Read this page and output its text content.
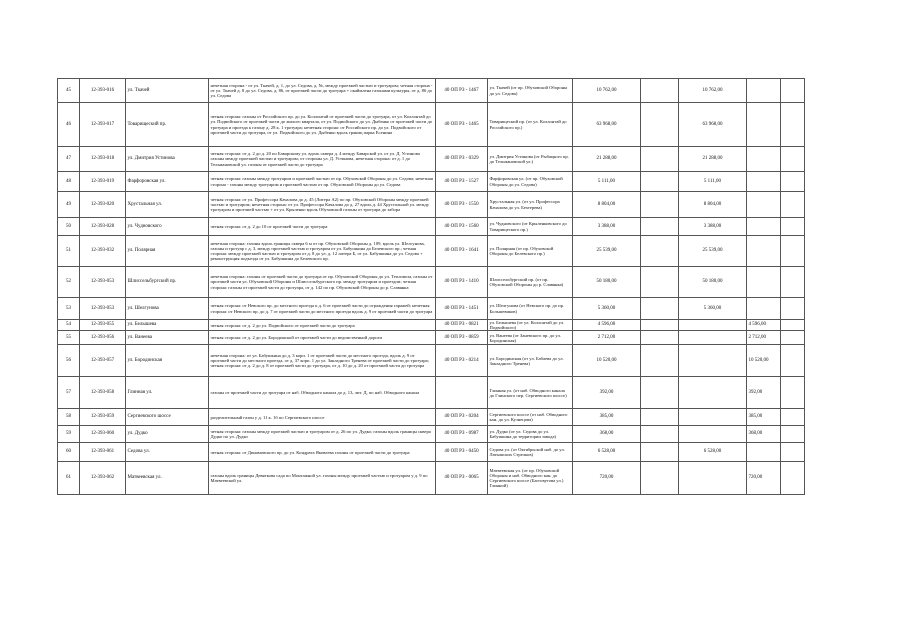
45	12-393-016	ул. Ткачей	нечетная сторона - от ул. Ткачей, д. 1, до ул. Седова, д. №, между проезжей частью и тротуаром; четная сторона - от ул. Ткачей д. 8 до ул. Седова, д. 86, от проезжей части до тротуара + окаймлена газонами культуры, от д. 86 до ул. Седова	40 ОП РЗ - 1467	ул. Ткачей (от пр. Обуховской Обороны до ул. Седова)	10 762,00		10 762,00		
46	12-393-017	Товарищеский пр.	четная сторона: газоны от Российского пр. до ул. Коллонтай от проезжей части до тротуара, от ул. Коллонтай до ул. Подвойского от проезжей части до жилого квартала, от ул. Подвойского до ул. Дыбенко от проезжей части до тротуара и проезда к газону д. 28 к. 1 тротуара; нечетная сторона: от Российского пр. до ул. Подвойского от проезжей части до тротуара, от ул. Подвойского до ул. Дыбенко вдоль границ парка Есенина	40 ОП РЗ - 1465	Товарищеский пр. (от ул. Коллонтай до Российского пр.)	63 968,00		63 968,00		
47	12-393-018	ул. Дмитрия Устинова	четная сторона: от д. 2 до д. 20 по Баварскому ул. вдоль сквера д. 4 между Баварской ул. от ул. Д. Устинова газоны между проезжей частью и тротуаром; от стороны ул. Д. Устинова, нечетная сторона: от д. 1 до Тельмановской ул. газоны от проезжей части до тротуара	40 ОП РЗ - 0329	ул. Дмитрия Устинова (от Рыбацкого пр. до Тельмановской ул.)	21 288,00		21 288,00		
48	12-393-019	Фарфоровская ул.	четная сторона: газоны между тротуаром и проезжей частью от пр. Обуховской Обороны до ул. Седова; нечетная сторона - газоны между тротуаром и проезжей частью от пр. Обуховской Обороны до ул. Седова	40 ОП РЗ - 1527	Фарфоровская ул. (от пр. Обуховской Обороны до ул. Седова)	5 111,00		5 111,00		
49	12-393-020	Хрустальная ул.	четная сторона: от ул. Профессора Качалова до д. 45 (Литера А2) по пр. Обуховской Обороны между проезжей частью и тротуаром; нечетная сторона: от ул. Профессора Качалова до д. 27 вдоль д. 44 Хрустальной ул. между тротуаром и проезжей частью + от ул. Крыленко вдоль Обуховской газоны от тротуара до забора	40 ОП РЗ - 1550	Хрустальная ул. (от ул. Профессора Качалова до ул. Бехтерева)	8 804,00		8 804,00		
50	12-393-028	ул. Чудновского	четная сторона: от д. 2 до 10 от проезжей части до тротуара	40 ОП РЗ - 1560	ул. Чудновского (от Крыленковского до Товарищеского пр.)	3 388,00		3 388,00		
51	12-393-032	ул. Полярная	нечетная сторона: газоны вдоль границы сквера 6 м от пр. Обуховской Обороны д. 109, вдоль ул. Шелгунова, газоны и тротуар с д. 3, между проезжей частью и тротуаром от ул. Бабушкина до Белевского пр.; четная сторона: между проезжей частью и тротуаром от д. 8 до ул. д. 12 литера Б, от ул. Бабушкина до ул. Седова + реконструкция подъезда от ул. Бабушкина до Белевского пр.	40 ОП РЗ - 1641	ул. Полярная (от пр. Обуховской Обороны до Белевского пр.)	25 539,00		25 539,00		
52	12-393-053	Шлиссельбургский пр.	нечетная сторона: газоны от проезжей части до тротуара от пр. Обуховской Обороны до ул. Тепловоза, газоны от проезжей части ул. Обуховской Обороны и Шлиссельбургского пр. между тротуаром и проездом; четная сторона: газоны от проезжей части до тротуара, от д. 142 по пр. Обуховской Обороны до р. Славянка	40 ОП РЗ - 1410	Шлиссельбургский пр. (от пр. Обуховской Обороны до р. Славянка)	50 180,00		50 180,00		
53	12-393-053	ул. Шелгунова	четная сторона: от Невского пр. до местного проезда к д. 6 от проезжей части до ограждения гаражей; нечетная сторона: от Невского пр. до д. 7 от проезжей части до местного проезда вдоль д. 9 от проезжей части до тротуара	40 ОП РЗ - 1451	ул. Шелгунова (от Невского пр. до пр. Большевиков)	5 360,00		5 360,00		
54	12-393-055	ул. Белышева	четная сторона: от д. 2 до ул. Подвойского от проезжей части до тротуара	40 ОП РЗ - 0821	ул. Белышева (от ул. Коллонтай до ул. Подвойского)	4 596,00			4 596,00	
55	12-393-056	ул. Ванеева	четная сторона: от д. 2 до ул. Бородинской от проезжей части до ведомственной дороги	40 ОП РЗ - 0859	ул. Ванеева (от Заневского пр. до ул. Бородинская)	2 712,00			2 712,00	
56	12-393-057	ул. Бородинская	нечетная сторона: от ул. Бабушкина до д. 3 корп. 1 от проезжей части до местного проезда, вдоль д. 9 от проезжей части до местного проезда, от д. 37 корп. 1 до ул. Закладного Тренева от проезжей части до тротуара; четная сторона: от д. 2 до д. 8 от проезжей части до тротуара, от д. 10 до д. 20 от проезжей части до тротуара	40 ОП РЗ - 0214	ул. Бородинская (от ул. Бабаева до ул. Закладного Тренева)	10 520,00			10 520,00	
57	12-393-058	Глинная ул.	газоны от проезжей части до тротуара от наб. Обводного канала до д. 13, лит. Д, по наб. Обводного канала		Глинная ул. (от наб. Обводного канала до Глинского пер. Сергиевского шоссе)	392,00			392,00	
58	12-393-059	Сергиевского шоссе	разделительный газон у д. 11 к. 1б по Сергиевского шоссе	40 ОП РЗ - 0204	Сергиевского шоссе (от наб. Обводного кан. до ул. Кузнецова)	385,00			385,00	
59	12-393-060	ул. Дудко	четная сторона: газоны между проезжей частью и тротуаром от д. 26 по ул. Дудко; газоны вдоль границы сквера Дудко по ул. Дудко	40 ОП РЗ - 0987	ул. Дудко (от ул. Седова до ул. Бабушкина до территории завода)	368,00			368,00	
60	12-393-061	Седова ул.	четная сторона: от Динамовского пр. до ул. Кондрата Яковлева газоны от проезжей части до тротуара	40 ОП РЗ - 0450	Седова ул. (от Октябрьской наб. до ул. Латышских Стрелков)	6 528,00		6 528,00		
61	12-393-062	Матвеевская ул.	газоны вдоль границы Девяткова сада по Монтажной ул. газоны между проезжей частью и тротуаром у д. 9 по Матвеевской ул.	40 ОП РЗ - 0065	Матвеевская ул. (от пр. Обуховской Обороны и наб. Обводного кан. до Сергиевского шоссе (Багговутова ул.) Глинной)	720,00			720,00	
